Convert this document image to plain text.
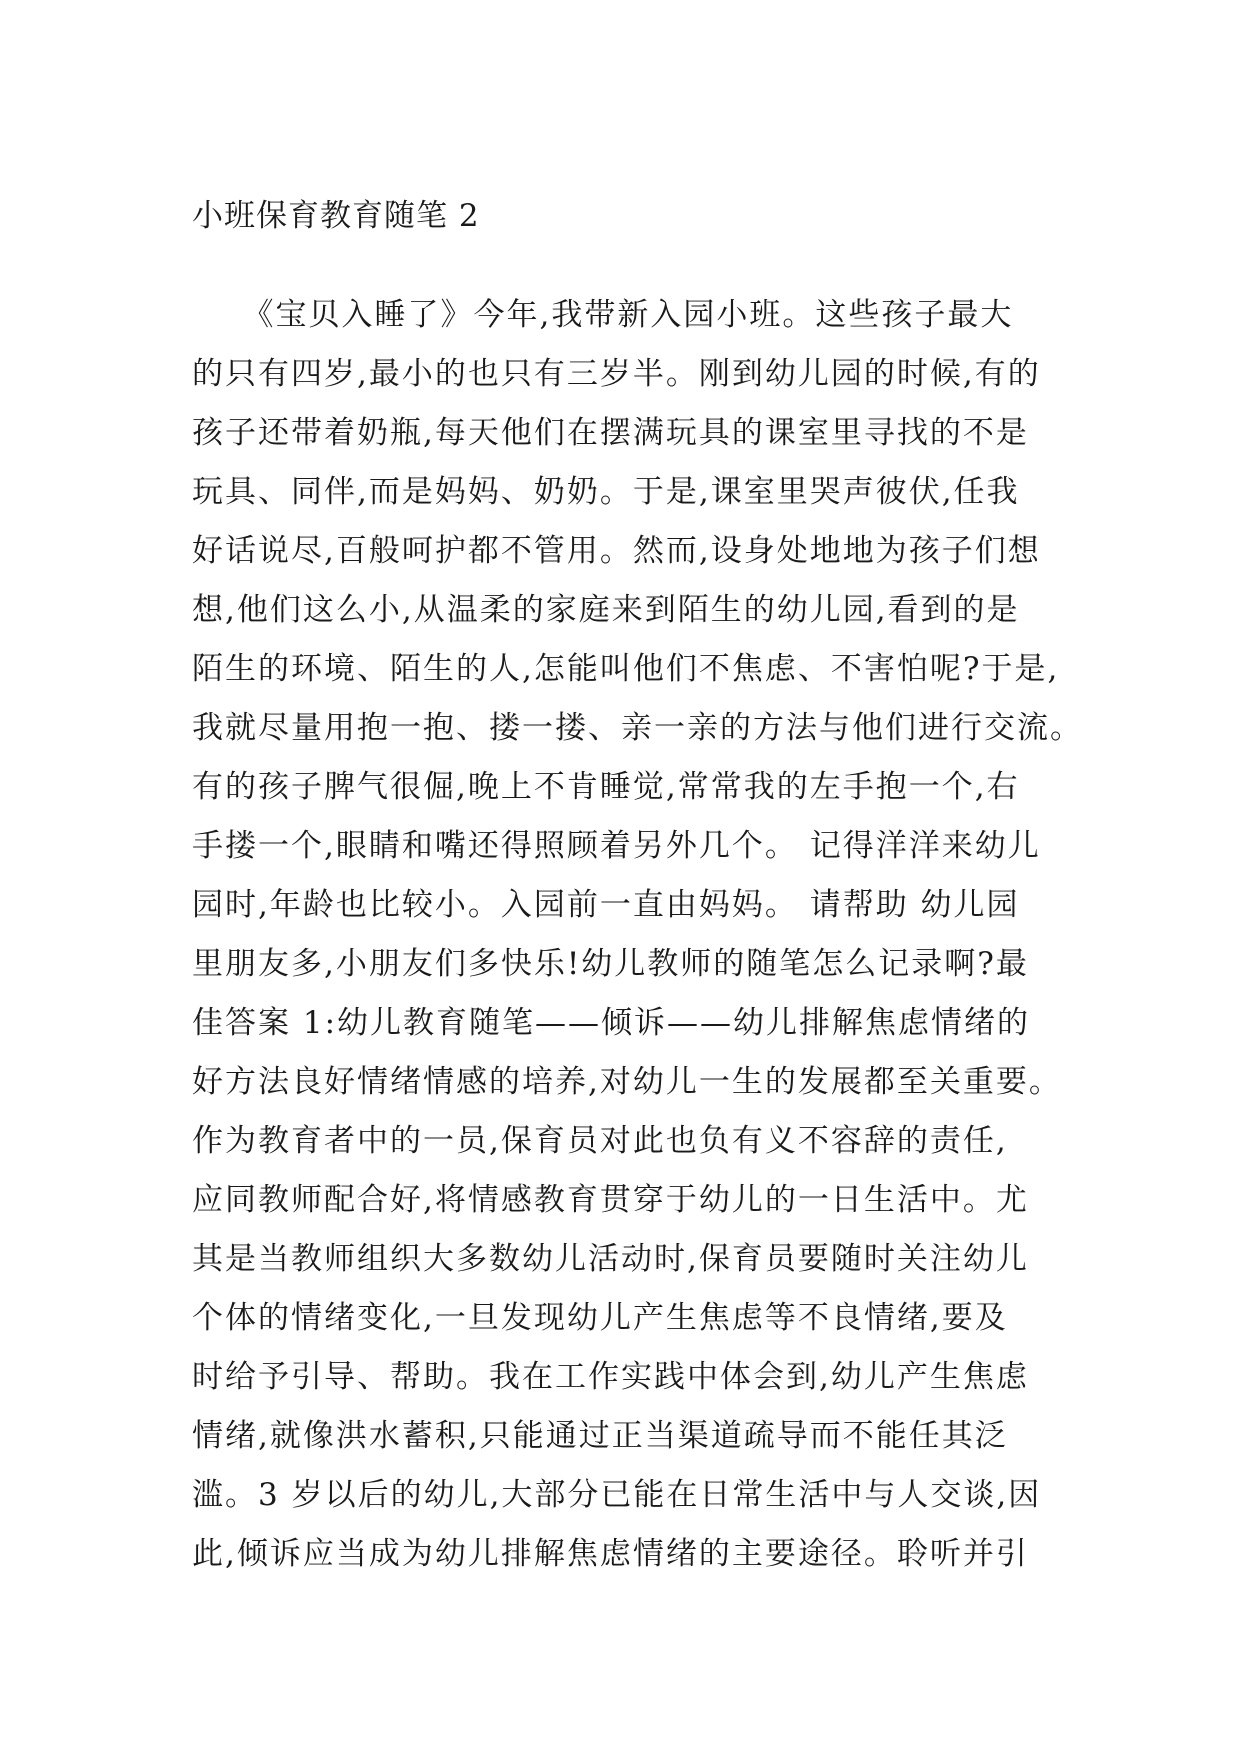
小班保育教育随笔 2
　　《宝贝入睡了》今年,我带新入园小班。这些孩子最大
的只有四岁,最小的也只有三岁半。刚到幼儿园的时候,有的
孩子还带着奶瓶,每天他们在摆满玩具的课室里寻找的不是
玩具、同伴,而是妈妈、奶奶。于是,课室里哭声彼伏,任我
好话说尽,百般呵护都不管用。然而,设身处地地为孩子们想
想,他们这么小,从温柔的家庭来到陌生的幼儿园,看到的是
陌生的环境、陌生的人,怎能叫他们不焦虑、不害怕呢?于是,
我就尽量用抱一抱、搂一搂、亲一亲的方法与他们进行交流。
有的孩子脾气很倔,晚上不肯睡觉,常常我的左手抱一个,右
手搂一个,眼睛和嘴还得照顾着另外几个。 记得洋洋来幼儿
园时,年龄也比较小。入园前一直由妈妈。 请帮助 幼儿园
里朋友多,小朋友们多快乐!幼儿教师的随笔怎么记录啊?最
佳答案 1:幼儿教育随笔——倾诉——幼儿排解焦虑情绪的
好方法良好情绪情感的培养,对幼儿一生的发展都至关重要。
作为教育者中的一员,保育员对此也负有义不容辞的责任,
应同教师配合好,将情感教育贯穿于幼儿的一日生活中。尤
其是当教师组织大多数幼儿活动时,保育员要随时关注幼儿
个体的情绪变化,一旦发现幼儿产生焦虑等不良情绪,要及
时给予引导、帮助。我在工作实践中体会到,幼儿产生焦虑
情绪,就像洪水蓄积,只能通过正当渠道疏导而不能任其泛
滥。3 岁以后的幼儿,大部分已能在日常生活中与人交谈,因
此,倾诉应当成为幼儿排解焦虑情绪的主要途径。聆听并引
